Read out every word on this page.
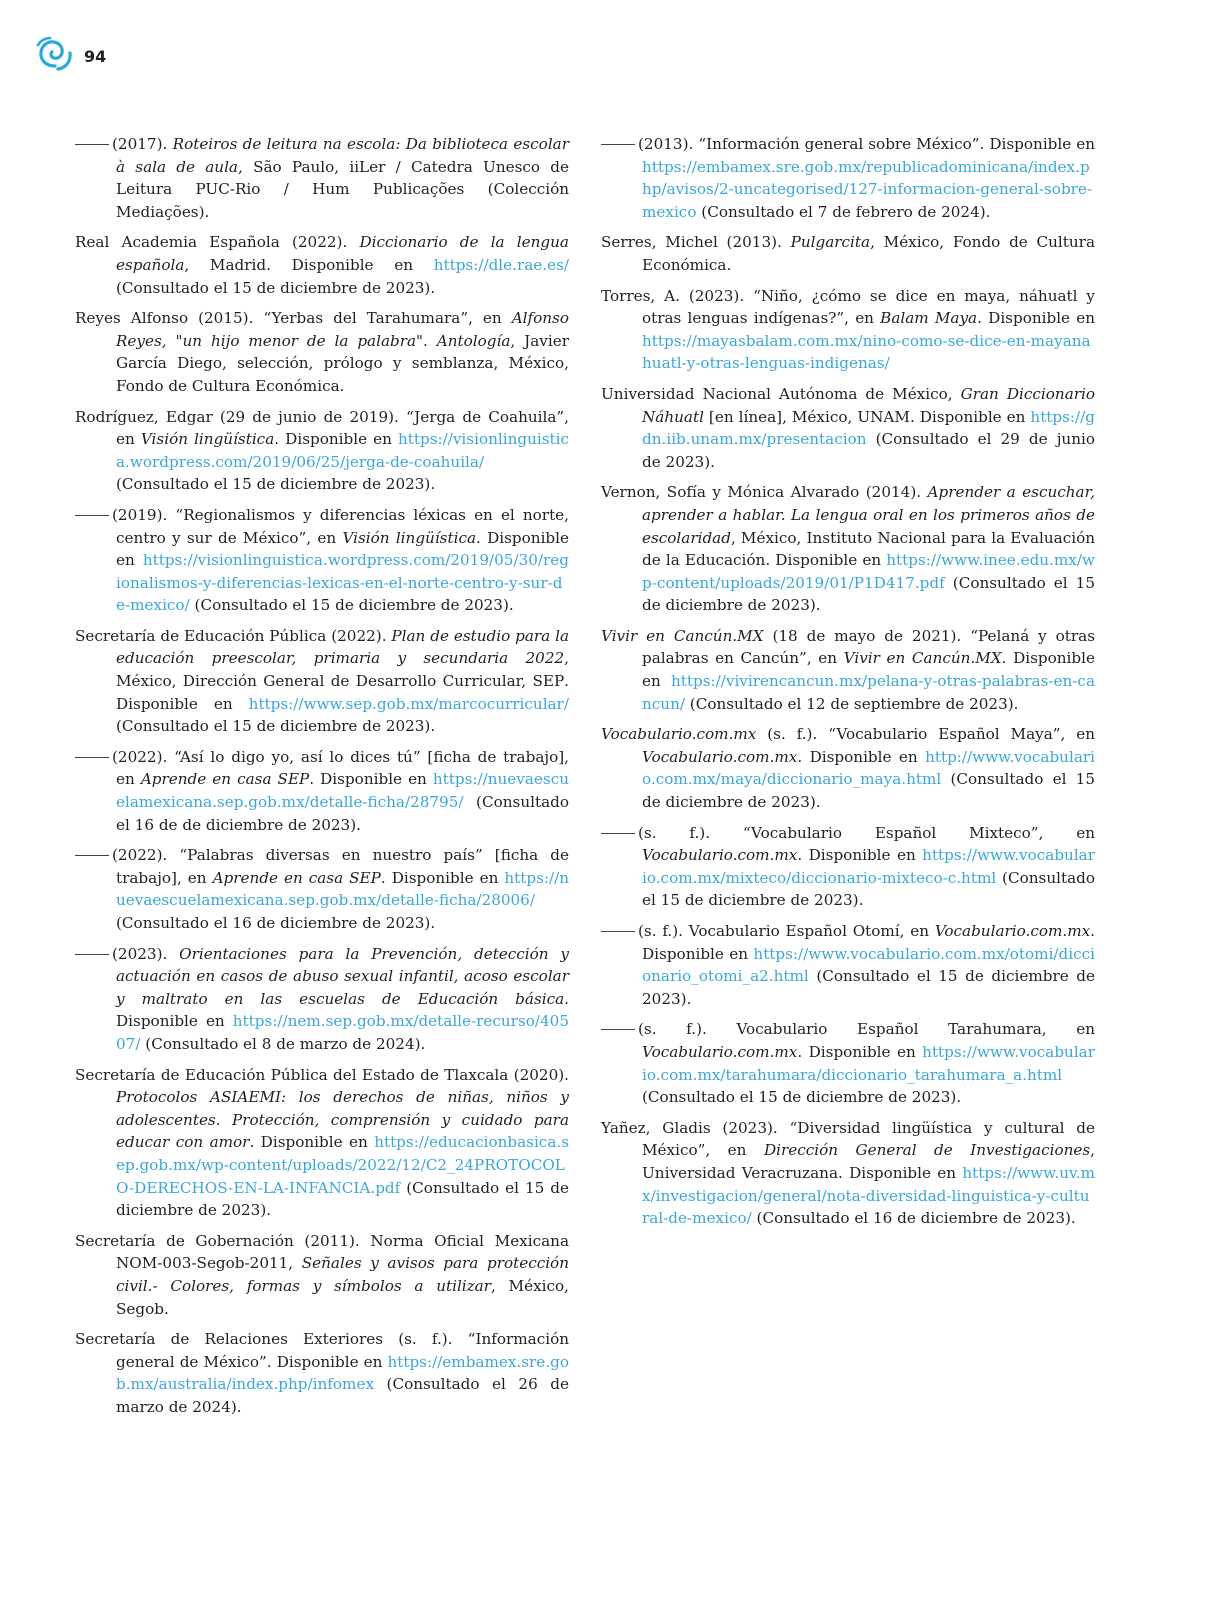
94

(2017). Roteiros de leitura na escola: Da biblioteca escolar à sala de aula, São Paulo, iiLer / Catedra Unesco de Leitura PUC-Rio / Hum Publicações (Colección Mediações).

Real Academia Española (2022). Diccionario de la lengua española, Madrid. Disponible en https://dle.rae.es/ (Consultado el 15 de diciembre de 2023).

Reyes Alfonso (2015). “Yerbas del Tarahumara”, en Alfonso Reyes, "un hijo menor de la palabra". Antología, Javier García Diego, selección, prólogo y semblanza, México, Fondo de Cultura Económica.

Rodríguez, Edgar (29 de junio de 2019). “Jerga de Coahuila”, en Visión lingüística. Disponible en https://visionlinguistica.wordpress.com/2019/06/25/jerga-de-coahuila/ (Consultado el 15 de diciembre de 2023).

(2019). “Regionalismos y diferencias léxicas en el norte, centro y sur de México”, en Visión lingüística. Disponible en https://visionlinguistica.wordpress.com/2019/05/30/regionalismos-y-diferencias-lexicas-en-el-norte-centro-y-sur-de-mexico/ (Consultado el 15 de diciembre de 2023).

Secretaría de Educación Pública (2022). Plan de estudio para la educación preescolar, primaria y secundaria 2022, México, Dirección General de Desarrollo Curricular, SEP. Disponible en https://www.sep.gob.mx/marcocurricular/ (Consultado el 15 de diciembre de 2023).

(2022). “Así lo digo yo, así lo dices tú” [ficha de trabajo], en Aprende en casa SEP. Disponible en https://nuevaescuelamexicana.sep.gob.mx/detalle-ficha/28795/ (Consultado el 16 de de diciembre de 2023).

(2022). “Palabras diversas en nuestro país” [ficha de trabajo], en Aprende en casa SEP. Disponible en https://nuevaescuelamexicana.sep.gob.mx/detalle-ficha/28006/ (Consultado el 16 de diciembre de 2023).

(2023). Orientaciones para la Prevención, detección y actuación en casos de abuso sexual infantil, acoso escolar y maltrato en las escuelas de Educación básica. Disponible en https://nem.sep.gob.mx/detalle-recurso/40507/ (Consultado el 8 de marzo de 2024).

Secretaría de Educación Pública del Estado de Tlaxcala (2020). Protocolos ASIAEMI: los derechos de niñas, niños y adolescentes. Protección, comprensión y cuidado para educar con amor. Disponible en https://educacionbasica.sep.gob.mx/wp-content/uploads/2022/12/C2_24PROTOCOLO-DERECHOS-EN-LA-INFANCIA.pdf (Consultado el 15 de diciembre de 2023).

Secretaría de Gobernación (2011). Norma Oficial Mexicana NOM-003-Segob-2011, Señales y avisos para protección civil.- Colores, formas y símbolos a utilizar, México, Segob.

Secretaría de Relaciones Exteriores (s. f.). “Información general de México”. Disponible en https://embamex.sre.gob.mx/australia/index.php/infomex (Consultado el 26 de marzo de 2024).

(2013). “Información general sobre México”. Disponible en https://embamex.sre.gob.mx/republicadominicana/index.php/avisos/2-uncategorised/127-informacion-general-sobre-mexico (Consultado el 7 de febrero de 2024).

Serres, Michel (2013). Pulgarcita, México, Fondo de Cultura Económica.

Torres, A. (2023). “Niño, ¿cómo se dice en maya, náhuatl y otras lenguas indígenas?”, en Balam Maya. Disponible en https://mayasbalam.com.mx/nino-como-se-dice-en-mayanahuatl-y-otras-lenguas-indigenas/

Universidad Nacional Autónoma de México, Gran Diccionario Náhuatl [en línea], México, UNAM. Disponible en https://gdn.iib.unam.mx/presentacion (Consultado el 29 de junio de 2023).

Vernon, Sofía y Mónica Alvarado (2014). Aprender a escuchar, aprender a hablar. La lengua oral en los primeros años de escolaridad, México, Instituto Nacional para la Evaluación de la Educación. Disponible en https://www.inee.edu.mx/wp-content/uploads/2019/01/P1D417.pdf (Consultado el 15 de diciembre de 2023).

Vivir en Cancún.MX (18 de mayo de 2021). “Pelaná y otras palabras en Cancún”, en Vivir en Cancún.MX. Disponible en https://vivirencancun.mx/pelana-y-otras-palabras-en-cancun/ (Consultado el 12 de septiembre de 2023).

Vocabulario.com.mx (s. f.). “Vocabulario Español Maya”, en Vocabulario.com.mx. Disponible en http://www.vocabulario.com.mx/maya/diccionario_maya.html (Consultado el 15 de diciembre de 2023).

(s. f.). “Vocabulario Español Mixteco”, en Vocabulario.com.mx. Disponible en https://www.vocabulario.com.mx/mixteco/diccionario-mixteco-c.html (Consultado el 15 de diciembre de 2023).

(s. f.). Vocabulario Español Otomí, en Vocabulario.com.mx. Disponible en https://www.vocabulario.com.mx/otomi/diccionario_otomi_a2.html (Consultado el 15 de diciembre de 2023).

(s. f.). Vocabulario Español Tarahumara, en Vocabulario.com.mx. Disponible en https://www.vocabulario.com.mx/tarahumara/diccionario_tarahumara_a.html (Consultado el 15 de diciembre de 2023).

Yañez, Gladis (2023). “Diversidad lingüística y cultural de México”, en Dirección General de Investigaciones, Universidad Veracruzana. Disponible en https://www.uv.mx/investigacion/general/nota-diversidad-linguistica-y-cultural-de-mexico/ (Consultado el 16 de diciembre de 2023).
